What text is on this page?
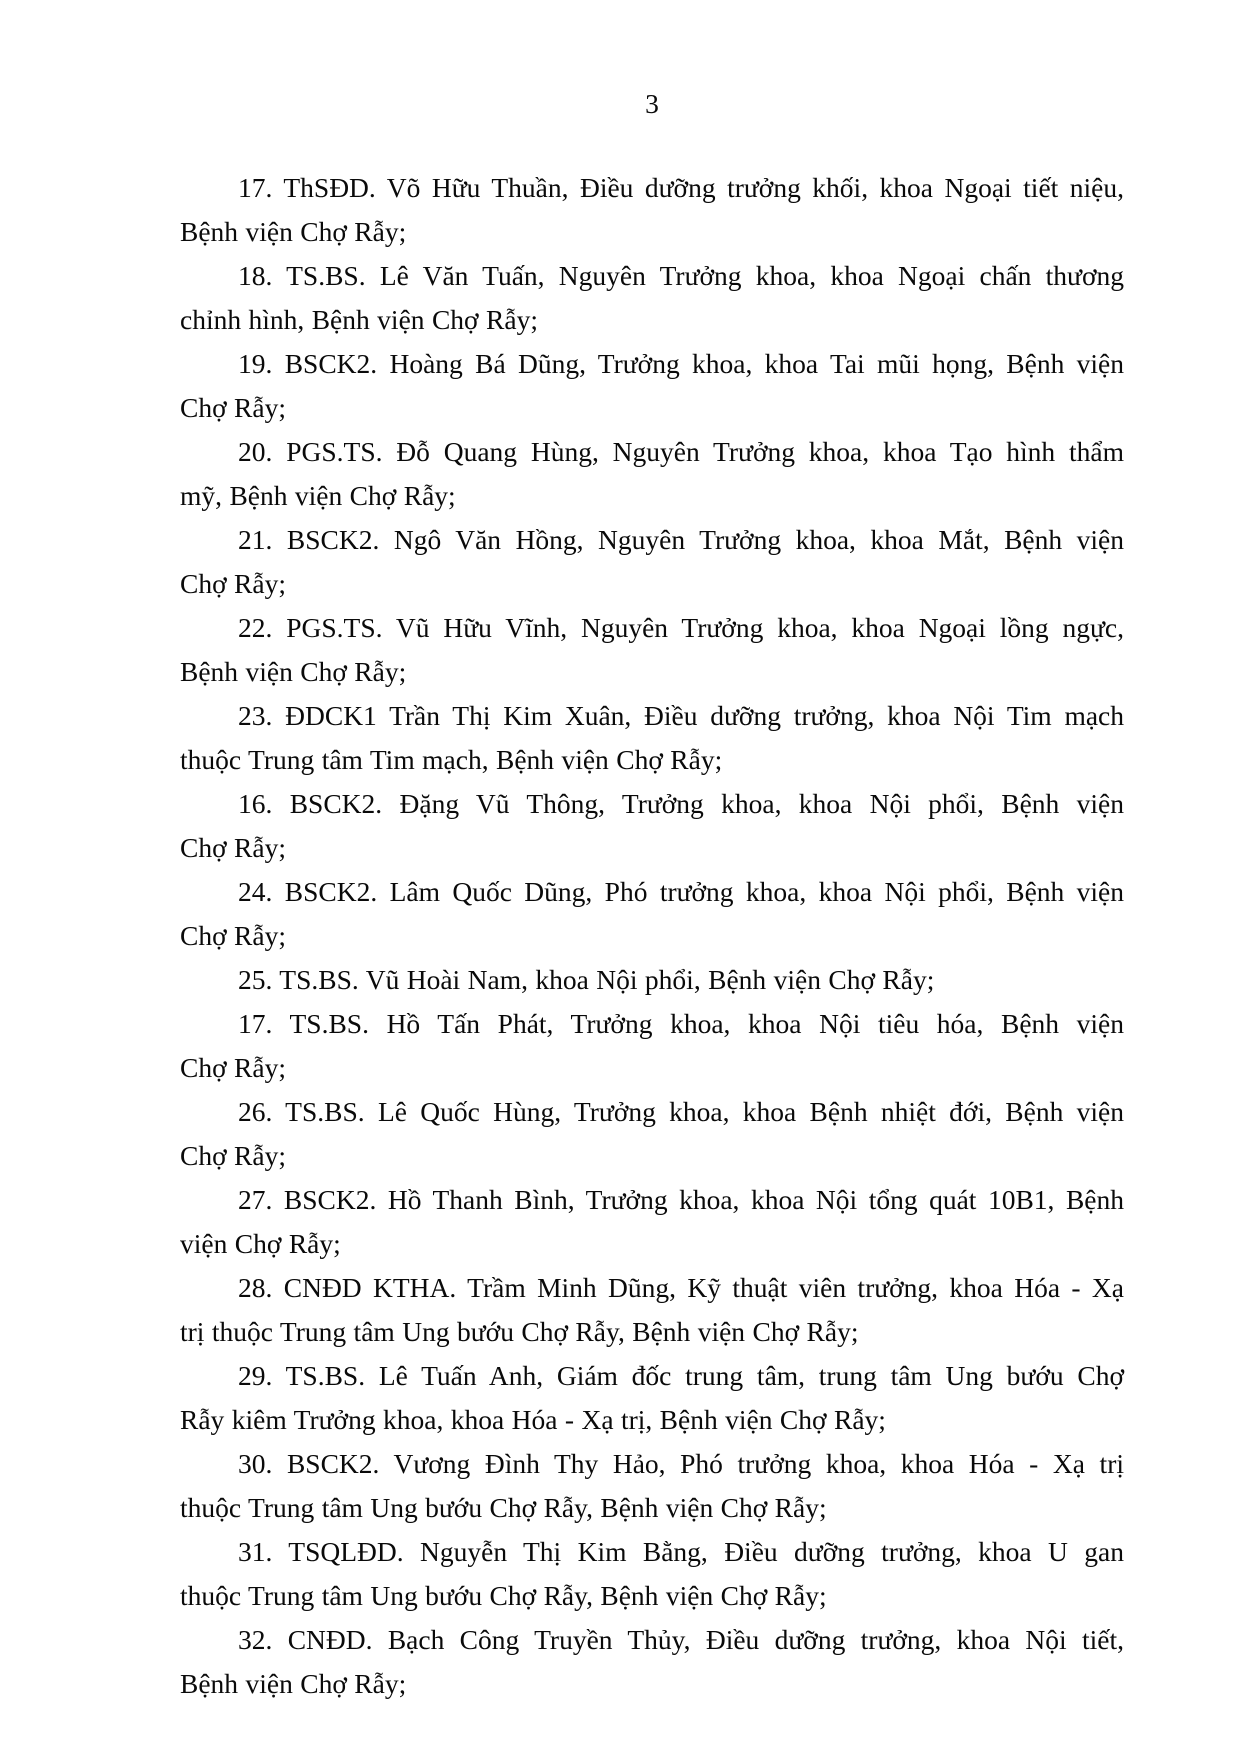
3
17. ThSĐD. Võ Hữu Thuần, Điều dưỡng trưởng khối, khoa Ngoại tiết niệu,
Bệnh viện Chợ Rẫy;
18. TS.BS. Lê Văn Tuấn, Nguyên Trưởng khoa, khoa Ngoại chấn thương
chỉnh hình, Bệnh viện Chợ Rẫy;
19. BSCK2. Hoàng Bá Dũng, Trưởng khoa, khoa Tai mũi họng, Bệnh viện
Chợ Rẫy;
20. PGS.TS. Đỗ Quang Hùng, Nguyên Trưởng khoa, khoa Tạo hình thẩm
mỹ, Bệnh viện Chợ Rẫy;
21. BSCK2. Ngô Văn Hồng, Nguyên Trưởng khoa, khoa Mắt, Bệnh viện
Chợ Rẫy;
22. PGS.TS. Vũ Hữu Vĩnh, Nguyên Trưởng khoa, khoa Ngoại lồng ngực,
Bệnh viện Chợ Rẫy;
23. ĐDCK1 Trần Thị Kim Xuân, Điều dưỡng trưởng, khoa Nội Tim mạch
thuộc Trung tâm Tim mạch, Bệnh viện Chợ Rẫy;
16. BSCK2. Đặng Vũ Thông, Trưởng khoa, khoa Nội phổi, Bệnh viện
Chợ Rẫy;
24. BSCK2. Lâm Quốc Dũng, Phó trưởng khoa, khoa Nội phổi, Bệnh viện
Chợ Rẫy;
25. TS.BS. Vũ Hoài Nam, khoa Nội phổi, Bệnh viện Chợ Rẫy;
17. TS.BS. Hồ Tấn Phát, Trưởng khoa, khoa Nội tiêu hóa, Bệnh viện
Chợ Rẫy;
26. TS.BS. Lê Quốc Hùng, Trưởng khoa, khoa Bệnh nhiệt đới, Bệnh viện
Chợ Rẫy;
27. BSCK2. Hồ Thanh Bình, Trưởng khoa, khoa Nội tổng quát 10B1, Bệnh
viện Chợ Rẫy;
28. CNĐD KTHA. Trầm Minh Dũng, Kỹ thuật viên trưởng, khoa Hóa - Xạ
trị thuộc Trung tâm Ung bướu Chợ Rẫy, Bệnh viện Chợ Rẫy;
29. TS.BS. Lê Tuấn Anh, Giám đốc trung tâm, trung tâm Ung bướu Chợ
Rẫy kiêm Trưởng khoa, khoa Hóa - Xạ trị, Bệnh viện Chợ Rẫy;
30. BSCK2. Vương Đình Thy Hảo, Phó trưởng khoa, khoa Hóa - Xạ trị
thuộc Trung tâm Ung bướu Chợ Rẫy, Bệnh viện Chợ Rẫy;
31. TSQLĐD. Nguyễn Thị Kim Bằng, Điều dưỡng trưởng, khoa U gan
thuộc Trung tâm Ung bướu Chợ Rẫy, Bệnh viện Chợ Rẫy;
32. CNĐD. Bạch Công Truyền Thủy, Điều dưỡng trưởng, khoa Nội tiết,
Bệnh viện Chợ Rẫy;
